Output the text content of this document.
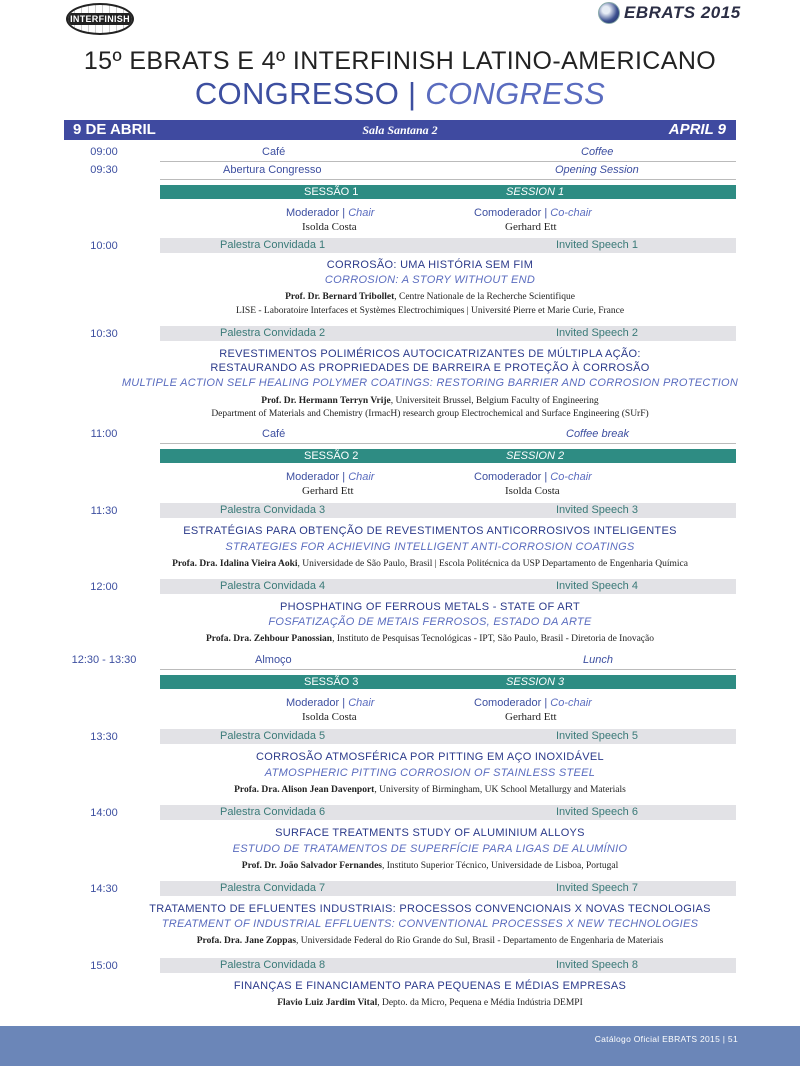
INTERFINISH	EBRATS 2015
15º EBRATS E 4º INTERFINISH LATINO-AMERICANO
CONGRESSO | CONGRESS
9 DE ABRIL	Sala Santana 2	APRIL 9
09:00	Café	Coffee
09:30	Abertura Congresso	Opening Session
SESSÃO 1	SESSION 1
Moderador | Chair
Isolda Costa
Comoderador | Co-chair
Gerhard Ett
10:00	Palestra Convidada 1	Invited Speech 1
CORROSÃO: UMA HISTÓRIA SEM FIM
CORROSION: A STORY WITHOUT END
Prof. Dr. Bernard Tribollet, Centre Nationale de la Recherche Scientifique
LISE - Laboratoire Interfaces et Systèmes Electrochimiques | Université Pierre et Marie Curie, France
10:30	Palestra Convidada 2	Invited Speech 2
REVESTIMENTOS POLIMÉRICOS AUTOCICATRIZANTES DE MÚLTIPLA AÇÃO:
RESTAURANDO AS PROPRIEDADES DE BARREIRA E PROTEÇÃO À CORROSÃO
MULTIPLE ACTION SELF HEALING POLYMER COATINGS: RESTORING BARRIER AND CORROSION PROTECTION
Prof. Dr. Hermann Terryn Vrije, Universiteit Brussel, Belgium Faculty of Engineering
Department of Materials and Chemistry (IrmacH) research group Electrochemical and Surface Engineering (SUrF)
11:00	Café	Coffee break
SESSÃO 2	SESSION 2
Moderador | Chair
Gerhard Ett
Comoderador | Co-chair
Isolda Costa
11:30	Palestra Convidada 3	Invited Speech 3
ESTRATÉGIAS PARA OBTENÇÃO DE REVESTIMENTOS ANTICORROSIVOS INTELIGENTES
STRATEGIES FOR ACHIEVING INTELLIGENT ANTI-CORROSION COATINGS
Profa. Dra. Idalina Vieira Aoki, Universidade de São Paulo, Brasil | Escola Politécnica da USP Departamento de Engenharia Química
12:00	Palestra Convidada 4	Invited Speech 4
PHOSPHATING OF FERROUS METALS - STATE OF ART
FOSFATIZAÇÃO DE METAIS FERROSOS, ESTADO DA ARTE
Profa. Dra. Zehbour Panossian, Instituto de Pesquisas Tecnológicas - IPT, São Paulo, Brasil - Diretoria de Inovação
12:30 - 13:30	Almoço	Lunch
SESSÃO 3	SESSION 3
Moderador | Chair
Isolda Costa
Comoderador | Co-chair
Gerhard Ett
13:30	Palestra Convidada 5	Invited Speech 5
CORROSÃO ATMOSFÉRICA POR PITTING EM AÇO INOXIDÁVEL
ATMOSPHERIC PITTING CORROSION OF STAINLESS STEEL
Profa. Dra. Alison Jean Davenport, University of Birmingham, UK School Metallurgy and Materials
14:00	Palestra Convidada 6	Invited Speech 6
SURFACE TREATMENTS STUDY OF ALUMINIUM ALLOYS
ESTUDO DE TRATAMENTOS DE SUPERFÍCIE PARA LIGAS DE ALUMÍNIO
Prof. Dr. João Salvador Fernandes, Instituto Superior Técnico, Universidade de Lisboa, Portugal
14:30	Palestra Convidada 7	Invited Speech 7
TRATAMENTO DE EFLUENTES INDUSTRIAIS: PROCESSOS CONVENCIONAIS X NOVAS TECNOLOGIAS
TREATMENT OF INDUSTRIAL EFFLUENTS: CONVENTIONAL PROCESSES X NEW TECHNOLOGIES
Profa. Dra. Jane Zoppas, Universidade Federal do Rio Grande do Sul, Brasil - Departamento de Engenharia de Materiais
15:00	Palestra Convidada 8	Invited Speech 8
FINANÇAS E FINANCIAMENTO PARA PEQUENAS E MÉDIAS EMPRESAS
Flavio Luiz Jardim Vital, Depto. da Micro, Pequena e Média Indústria DEMPI
Catálogo Oficial EBRATS 2015 | 51
